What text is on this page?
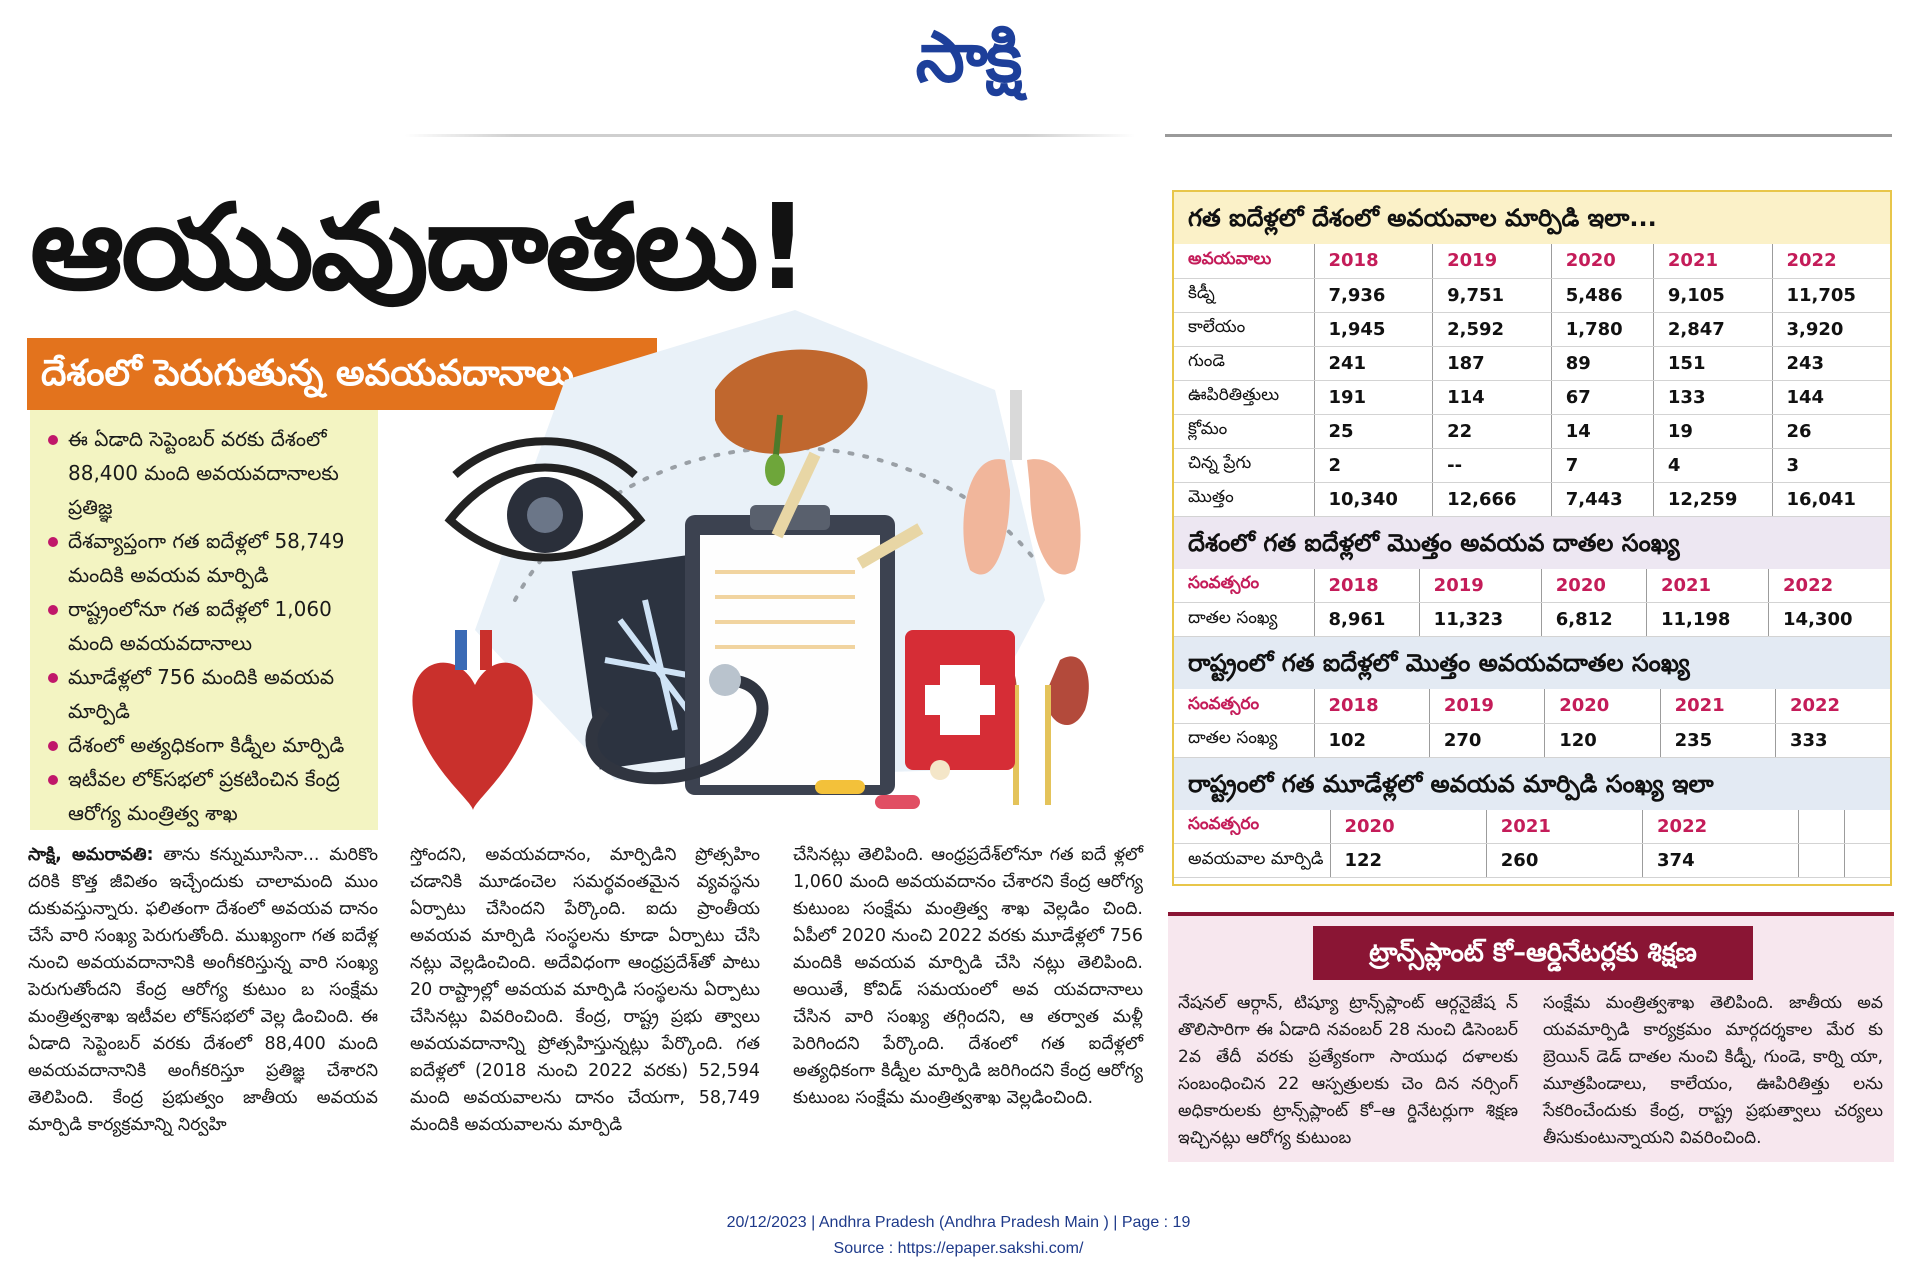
సాక్షి
ఆయువుదాతలు!
దేశంలో పెరుగుతున్న అవయవదానాలు
ఈ ఏడాది సెప్టెంబర్ వరకు దేశంలో 88,400 మంది అవయవదానాలకు ప్రతిజ్ఞ
దేశవ్యాప్తంగా గత ఐదేళ్లలో 58,749 మందికి అవయవ మార్పిడి
రాష్ట్రంలోనూ గత ఐదేళ్లలో 1,060 మంది అవయవదానాలు
మూడేళ్లలో 756 మందికి అవయవ మార్పిడి
దేశంలో అత్యధికంగా కిడ్నీల మార్పిడి
ఇటీవల లోక్‌సభలో ప్రకటించిన కేంద్ర ఆరోగ్య మంత్రిత్వ శాఖ
సాక్షి, అమరావతి: తాను కన్నుమూసినా... మరికొం దరికి కొత్త జీవితం ఇచ్చేందుకు చాలామంది ముం దుకువస్తున్నారు. ఫలితంగా దేశంలో అవయవ దానం చేసే వారి సంఖ్య పెరుగుతోంది. ముఖ్యంగా గత ఐదేళ్ల నుంచి అవయవదానానికి అంగీకరిస్తున్న వారి సంఖ్య పెరుగుతోందని కేంద్ర ఆరోగ్య కుటుం బ సంక్షేమ మంత్రిత్వశాఖ ఇటీవల లోక్‌సభలో వెల్ల డించింది. ఈ ఏడాది సెప్టెంబర్ వరకు దేశంలో 88,400 మంది అవయవదానానికి అంగీకరిస్తూ ప్రతిజ్ఞ చేశారని తెలిపింది. కేంద్ర ప్రభుత్వం జాతీయ అవయవ మార్పిడి కార్యక్రమాన్ని నిర్వహి
స్తోందని, అవయవదానం, మార్పిడిని ప్రోత్సహిం చడానికి మూడంచెల సమర్థవంతమైన వ్యవస్థను ఏర్పాటు చేసిందని పేర్కొంది. ఐదు ప్రాంతీయ అవయవ మార్పిడి సంస్థలను కూడా ఏర్పాటు చేసి నట్లు వెల్లడించింది. అదేవిధంగా ఆంధ్రప్రదేశ్‌తో పాటు 20 రాష్ట్రాల్లో అవయవ మార్పిడి సంస్థలను ఏర్పాటు చేసినట్లు వివరించింది. కేంద్ర, రాష్ట్ర ప్రభు త్వాలు అవయవదానాన్ని ప్రోత్సహిస్తున్నట్లు పేర్కొంది. గత ఐదేళ్లలో (2018 నుంచి 2022 వరకు) 52,594 మంది అవయవాలను దానం చేయగా, 58,749 మందికి అవయవాలను మార్పిడి
చేసినట్లు తెలిపింది. ఆంధ్రప్రదేశ్‌లోనూ గత ఐదే ళ్లలో 1,060 మంది అవయవదానం చేశారని కేంద్ర ఆరోగ్య కుటుంబ సంక్షేమ మంత్రిత్వ శాఖ వెల్లడిం చింది. ఏపీలో 2020 నుంచి 2022 వరకు మూడేళ్లలో 756 మందికి అవయవ మార్పిడి చేసి నట్లు తెలిపింది. అయితే, కోవిడ్ సమయంలో అవ యవదానాలు చేసిన వారి సంఖ్య తగ్గిందని, ఆ తర్వాత మళ్లీ పెరిగిందని పేర్కొంది. దేశంలో గత ఐదేళ్లలో అత్యధికంగా కిడ్నీల మార్పిడి జరిగిందని కేంద్ర ఆరోగ్య కుటుంబ సంక్షేమ మంత్రిత్వశాఖ వెల్లడించింది.
గత ఐదేళ్లలో దేశంలో అవయవాల మార్పిడి ఇలా...
అవయవాలు	2018	2019	2020	2021	2022
కిడ్నీ	7,936	9,751	5,486	9,105	11,705
కాలేయం	1,945	2,592	1,780	2,847	3,920
గుండె	241	187	89	151	243
ఊపిరితిత్తులు	191	114	67	133	144
క్లోమం	25	22	14	19	26
చిన్న ప్రేగు	2	--	7	4	3
మొత్తం	10,340	12,666	7,443	12,259	16,041
దేశంలో గత ఐదేళ్లలో మొత్తం అవయవ దాతల సంఖ్య
సంవత్సరం	2018	2019	2020	2021	2022
దాతల సంఖ్య	8,961	11,323	6,812	11,198	14,300
రాష్ట్రంలో గత ఐదేళ్లలో మొత్తం అవయవదాతల సంఖ్య
సంవత్సరం	2018	2019	2020	2021	2022
దాతల సంఖ్య	102	270	120	235	333
రాష్ట్రంలో గత మూడేళ్లలో అవయవ మార్పిడి సంఖ్య ఇలా
సంవత్సరం	2020	2021	2022		
అవయవాల మార్పిడి	122	260	374		
ట్రాన్స్‌ప్లాంట్ కో–ఆర్డినేటర్లకు శిక్షణ
నేషనల్ ఆర్గాన్, టిష్యూ ట్రాన్స్‌ప్లాంట్ ఆర్గనైజేష న్ తొలిసారిగా ఈ ఏడాది నవంబర్ 28 నుంచి డిసెంబర్ 2వ తేదీ వరకు ప్రత్యేకంగా సాయుధ దళాలకు సంబంధించిన 22 ఆస్పత్రులకు చెం దిన నర్సింగ్ అధికారులకు ట్రాన్స్‌ప్లాంట్ కో–ఆ ర్డినేటర్లుగా శిక్షణ ఇచ్చినట్లు ఆరోగ్య కుటుంబ
సంక్షేమ మంత్రిత్వశాఖ తెలిపింది. జాతీయ అవ యవమార్పిడి కార్యక్రమం మార్గదర్శకాల మేర కు బ్రెయిన్ డెడ్ దాతల నుంచి కిడ్నీ, గుండె, కార్ని యా, మూత్రపిండాలు, కాలేయం, ఊపిరితిత్తు లను సేకరించేందుకు కేంద్ర, రాష్ట్ర ప్రభుత్వాలు చర్యలు తీసుకుంటున్నాయని వివరించింది.
20/12/2023 | Andhra Pradesh (Andhra Pradesh Main ) | Page : 19
Source : https://epaper.sakshi.com/
